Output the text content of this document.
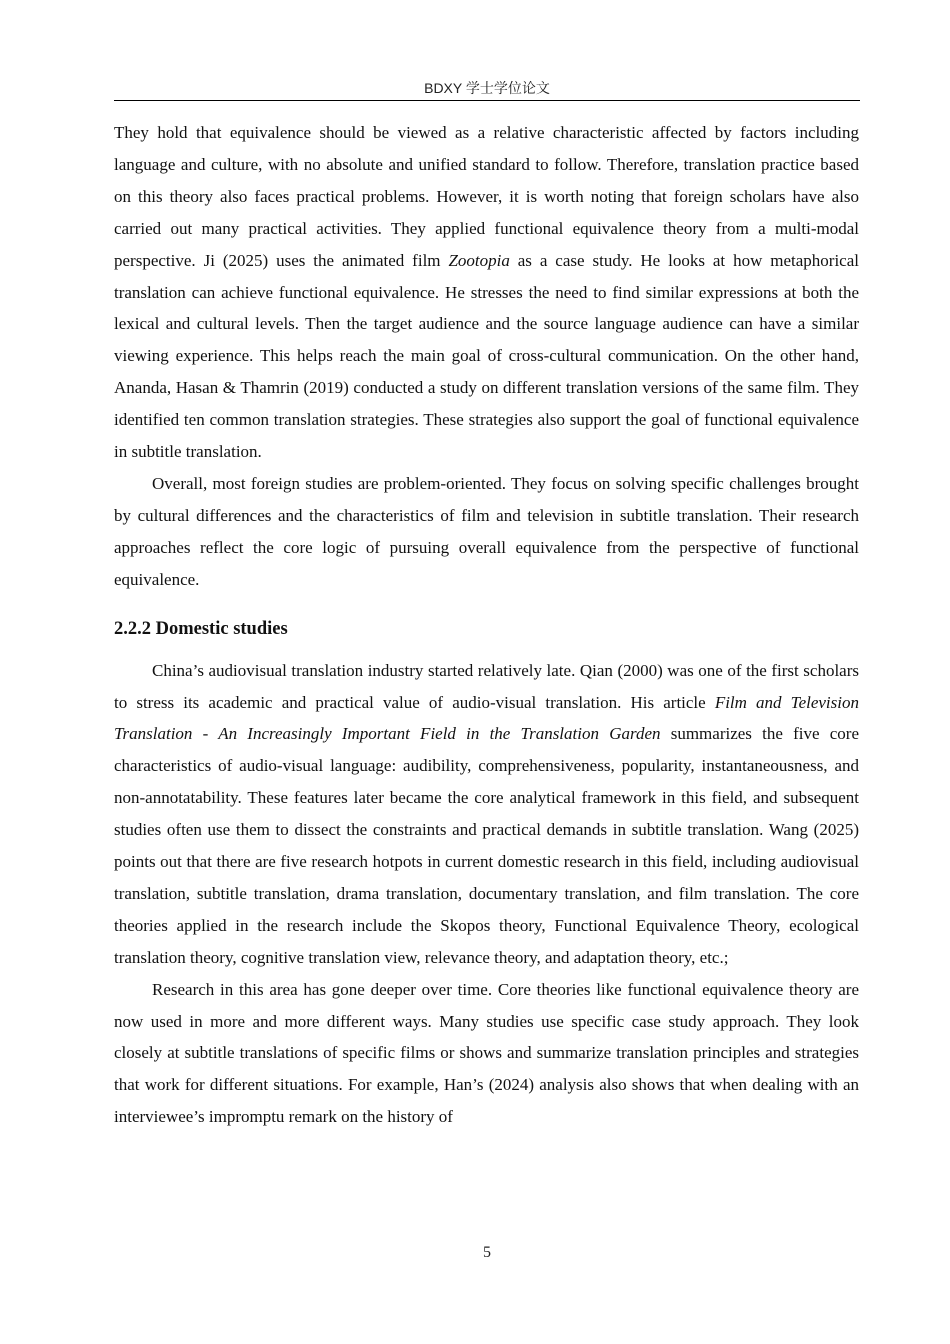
BDXY 学士学位论文

They hold that equivalence should be viewed as a relative characteristic affected by factors including language and culture, with no absolute and unified standard to follow. Therefore, translation practice based on this theory also faces practical problems. However, it is worth noting that foreign scholars have also carried out many practical activities. They applied functional equivalence theory from a multi-modal perspective. Ji (2025) uses the animated film Zootopia as a case study. He looks at how metaphorical translation can achieve functional equivalence. He stresses the need to find similar expressions at both the lexical and cultural levels. Then the target audience and the source language audience can have a similar viewing experience. This helps reach the main goal of cross-cultural communication. On the other hand, Ananda, Hasan & Thamrin (2019) conducted a study on different translation versions of the same film. They identified ten common translation strategies. These strategies also support the goal of functional equivalence in subtitle translation.

Overall, most foreign studies are problem-oriented. They focus on solving specific challenges brought by cultural differences and the characteristics of film and television in subtitle translation. Their research approaches reflect the core logic of pursuing overall equivalence from the perspective of functional equivalence.

2.2.2 Domestic studies

China’s audiovisual translation industry started relatively late. Qian (2000) was one of the first scholars to stress its academic and practical value of audio-visual translation. His article Film and Television Translation - An Increasingly Important Field in the Translation Garden summarizes the five core characteristics of audio-visual language: audibility, comprehensiveness, popularity, instantaneousness, and non-annotatability. These features later became the core analytical framework in this field, and subsequent studies often use them to dissect the constraints and practical demands in subtitle translation. Wang (2025) points out that there are five research hotpots in current domestic research in this field, including audiovisual translation, subtitle translation, drama translation, documentary translation, and film translation. The core theories applied in the research include the Skopos theory, Functional Equivalence Theory, ecological translation theory, cognitive translation view, relevance theory, and adaptation theory, etc.;

Research in this area has gone deeper over time. Core theories like functional equivalence theory are now used in more and more different ways. Many studies use specific case study approach. They look closely at subtitle translations of specific films or shows and summarize translation principles and strategies that work for different situations. For example, Han’s (2024) analysis also shows that when dealing with an interviewee’s impromptu remark on the history of

5
